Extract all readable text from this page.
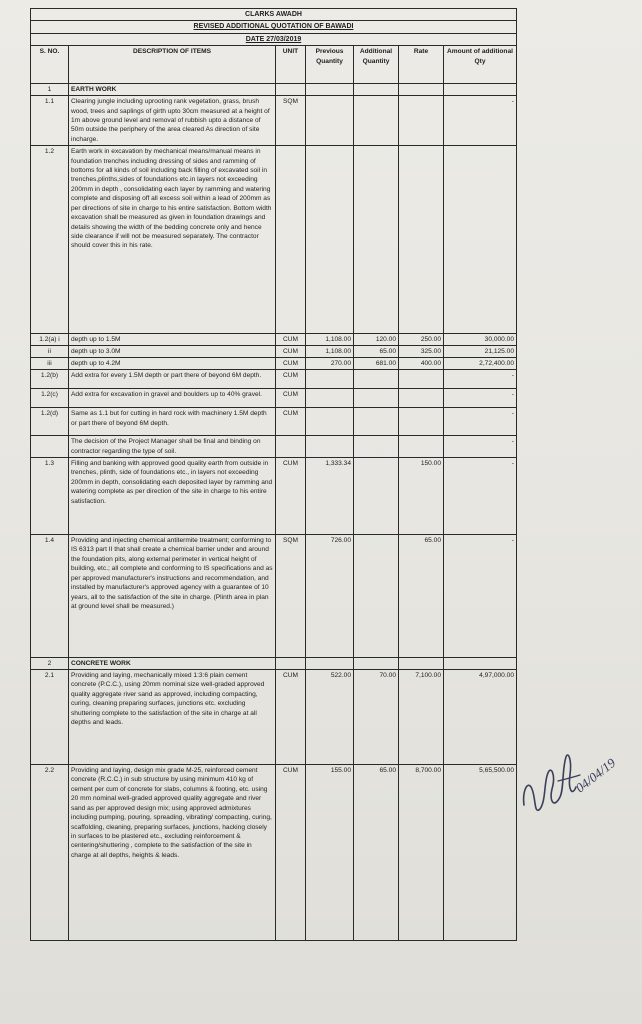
CLARKS AWADH						
REVISED ADDITIONAL QUOTATION OF BAWADI						
DATE 27/03/2019						
S. NO.	DESCRIPTION OF ITEMS	UNIT	Previous Quantity	Additional Quantity	Rate	Amount of additional Qty
1	EARTH WORK					
1.1	Clearing jungle including uprooting rank vegetation, grass, brush wood, trees and saplings of girth upto 30cm measured at a height of 1m above ground level and removal of rubbish upto a distance of 50m outside the periphery of the area cleared As direction of site incharge.	SQM				-
1.2	Earth work in excavation by mechanical means/manual means in foundation trenches including dressing of sides and ramming of bottoms for all kinds of soil including back filling of excavated soil in trenches,plinths,sides of foundations etc.in layers not exceeding 200mm in depth , consolidating each layer by ramming and watering complete and disposing off all excess soil within a lead of 200mm as per directions of site in charge to his entire satisfaction. Bottom width excavation shall be measured as given in foundation drawings and details showing the width of the bedding concrete only and hence side clearance if will not be measured separately. The contractor should cover this in his rate.					
1.2(a) i	depth up to 1.5M	CUM	1,108.00	120.00	250.00	30,000.00
ii	depth up to 3.0M	CUM	1,108.00	65.00	325.00	21,125.00
iii	depth up to 4.2M	CUM	270.00	681.00	400.00	2,72,400.00
1.2(b)	Add extra for every 1.5M depth or part there of beyond 6M depth.	CUM				-
1.2(c)	Add extra for excavation in gravel and boulders up to 40% gravel.	CUM				-
1.2(d)	Same as 1.1 but for cutting in hard rock with machinery 1.5M depth or part there of beyond 6M depth.	CUM				-
	The decision of the Project Manager shall be final and binding on contractor regarding the type of soil.					-
1.3	Filling and banking with approved good quality earth from outside in trenches, plinth, side of foundations etc., in layers not exceeding 200mm in depth, consolidating each deposited layer by ramming and watering complete as per direction of the site in charge to his entire satisfaction.	CUM	1,333.34		150.00	-
1.4	Providing and injecting chemical antitermite treatment; conforming to IS 6313 part II that shall create a chemical barrier under and around the foundation pits, along external perimeter in vertical height of building, etc.; all complete and conforming to IS specifications and as per approved manufacturer's instructions and recommendation, and installed by manufacturer's approved agency with a guarantee of 10 years, all to the satisfaction of the site in charge. (Plinth area in plan at ground level shall be measured.)	SQM	726.00		65.00	-
2	CONCRETE WORK					
2.1	Providing and laying, mechanically mixed 1:3:6 plain cement concrete (P.C.C.), using 20mm nominal size well-graded approved quality aggregate river sand as approved, including compacting, curing, cleaning preparing surfaces, junctions etc. excluding shuttering complete to the satisfaction of the site in charge at all depths and leads.	CUM	522.00	70.00	7,100.00	4,97,000.00
2.2	Providing and laying, design mix grade M-25, reinforced cement concrete (R.C.C.) in sub structure by using minimum 410 kg of cement per cum of concrete for slabs, columns & footing, etc. using 20 mm nominal well-graded approved quality aggregate and river sand as per approved design mix; using approved admixtures including pumping, pouring, spreading, vibrating/ compacting, curing, scaffolding, cleaning, preparing surfaces, junctions, hacking closely in surfaces to be plastered etc., excluding reinforcement & centering/shuttering , complete to the satisfaction of the site in charge at all depths, heights & leads.	CUM	155.00	65.00	8,700.00	5,65,500.00	04/04/19
